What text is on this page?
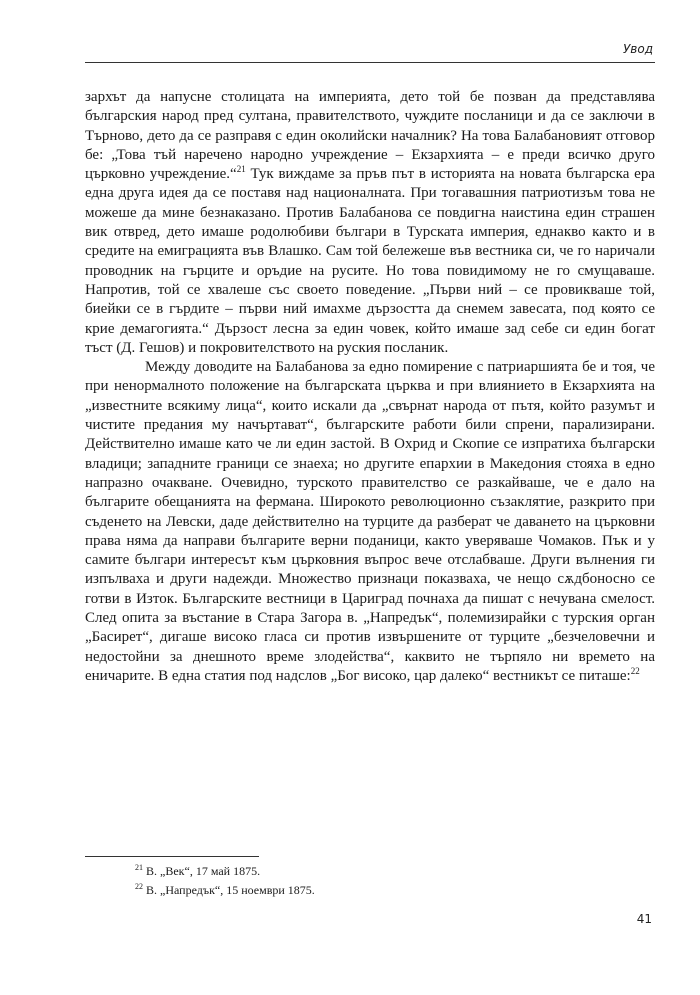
Увод

зархът да напусне столицата на империята, дето той бе позван да представлява българския народ пред султана, правителството, чуждите посланици и да се заключи в Търново, дето да се разправя с един околийски началник? На това Балабановият отговор бе: „Това тъй наречено народно учреждение – Екзархията – е преди всичко друго църковно учреждение.“$^{21}$ Тук виждаме за пръв път в историята на новата българска ера една друга идея да се поставя над националната. При тогавашния патриотизъм това не можеше да мине безнаказано. Против Балабанова се повдигна наистина един страшен вик отвред, дето имаше родолюбиви българи в Турската империя, еднакво както и в средите на емиграцията във Влашко. Сам той бележеше във вестника си, че го наричали проводник на гърците и оръдие на русите. Но това повидимому не го смущаваше. Напротив, той се хвалеше със своето поведение. „Първи ний – се провикваше той, биейки се в гърдите – първи ний имахме дързостта да снемем завесата, под която се крие демагогията.“ Дързост лесна за един човек, който имаше зад себе си един богат тъст (Д. Гешов) и покровителството на руския посланик.

Между доводите на Балабанова за едно помирение с патриаршията бе и тоя, че при ненормалното положение на българската църква и при влиянието в Екзархията на „известните всякиму лица“, които искали да „свърнат народа от пътя, който разумът и чистите предания му начъртават“, българските работи били спрени, парализирани. Действително имаше като че ли един застой. В Охрид и Скопие се изпратиха български владици; западните граници се знаеха; но другите епархии в Македония стояха в едно напразно очакване. Очевидно, турското правителство се разкайваше, че е дало на българите обещанията на фермана. Широкото революционно съзаклятие, разкрито при съденето на Левски, даде действително на турците да разберат че даването на църковни права няма да направи българите верни поданици, както уверяваше Чомаков. Пък и у самите българи интересът към църковния въпрос вече отслабваше. Други вълнения ги изпълваха и други надежди. Множество признаци показваха, че нещо сѫдбоносно се готви в Изток. Българските вестници в Цариград почнаха да пишат с нечувана смелост. След опита за въстание в Стара Загора в. „Напредък“, полемизирайки с турския орган „Басирет“, дигаше високо гласа си против извършените от турците „безчеловечни и недостойни за днешното време злодейства“, каквито не търпяло ни времето на еничарите. В една статия под надслов „Бог високо, цар далеко“ вестникът се питаше:$^{22}$

$^{21}$ В. „Век“, 17 май 1875.

$^{22}$ В. „Напредък“, 15 ноември 1875.

41
